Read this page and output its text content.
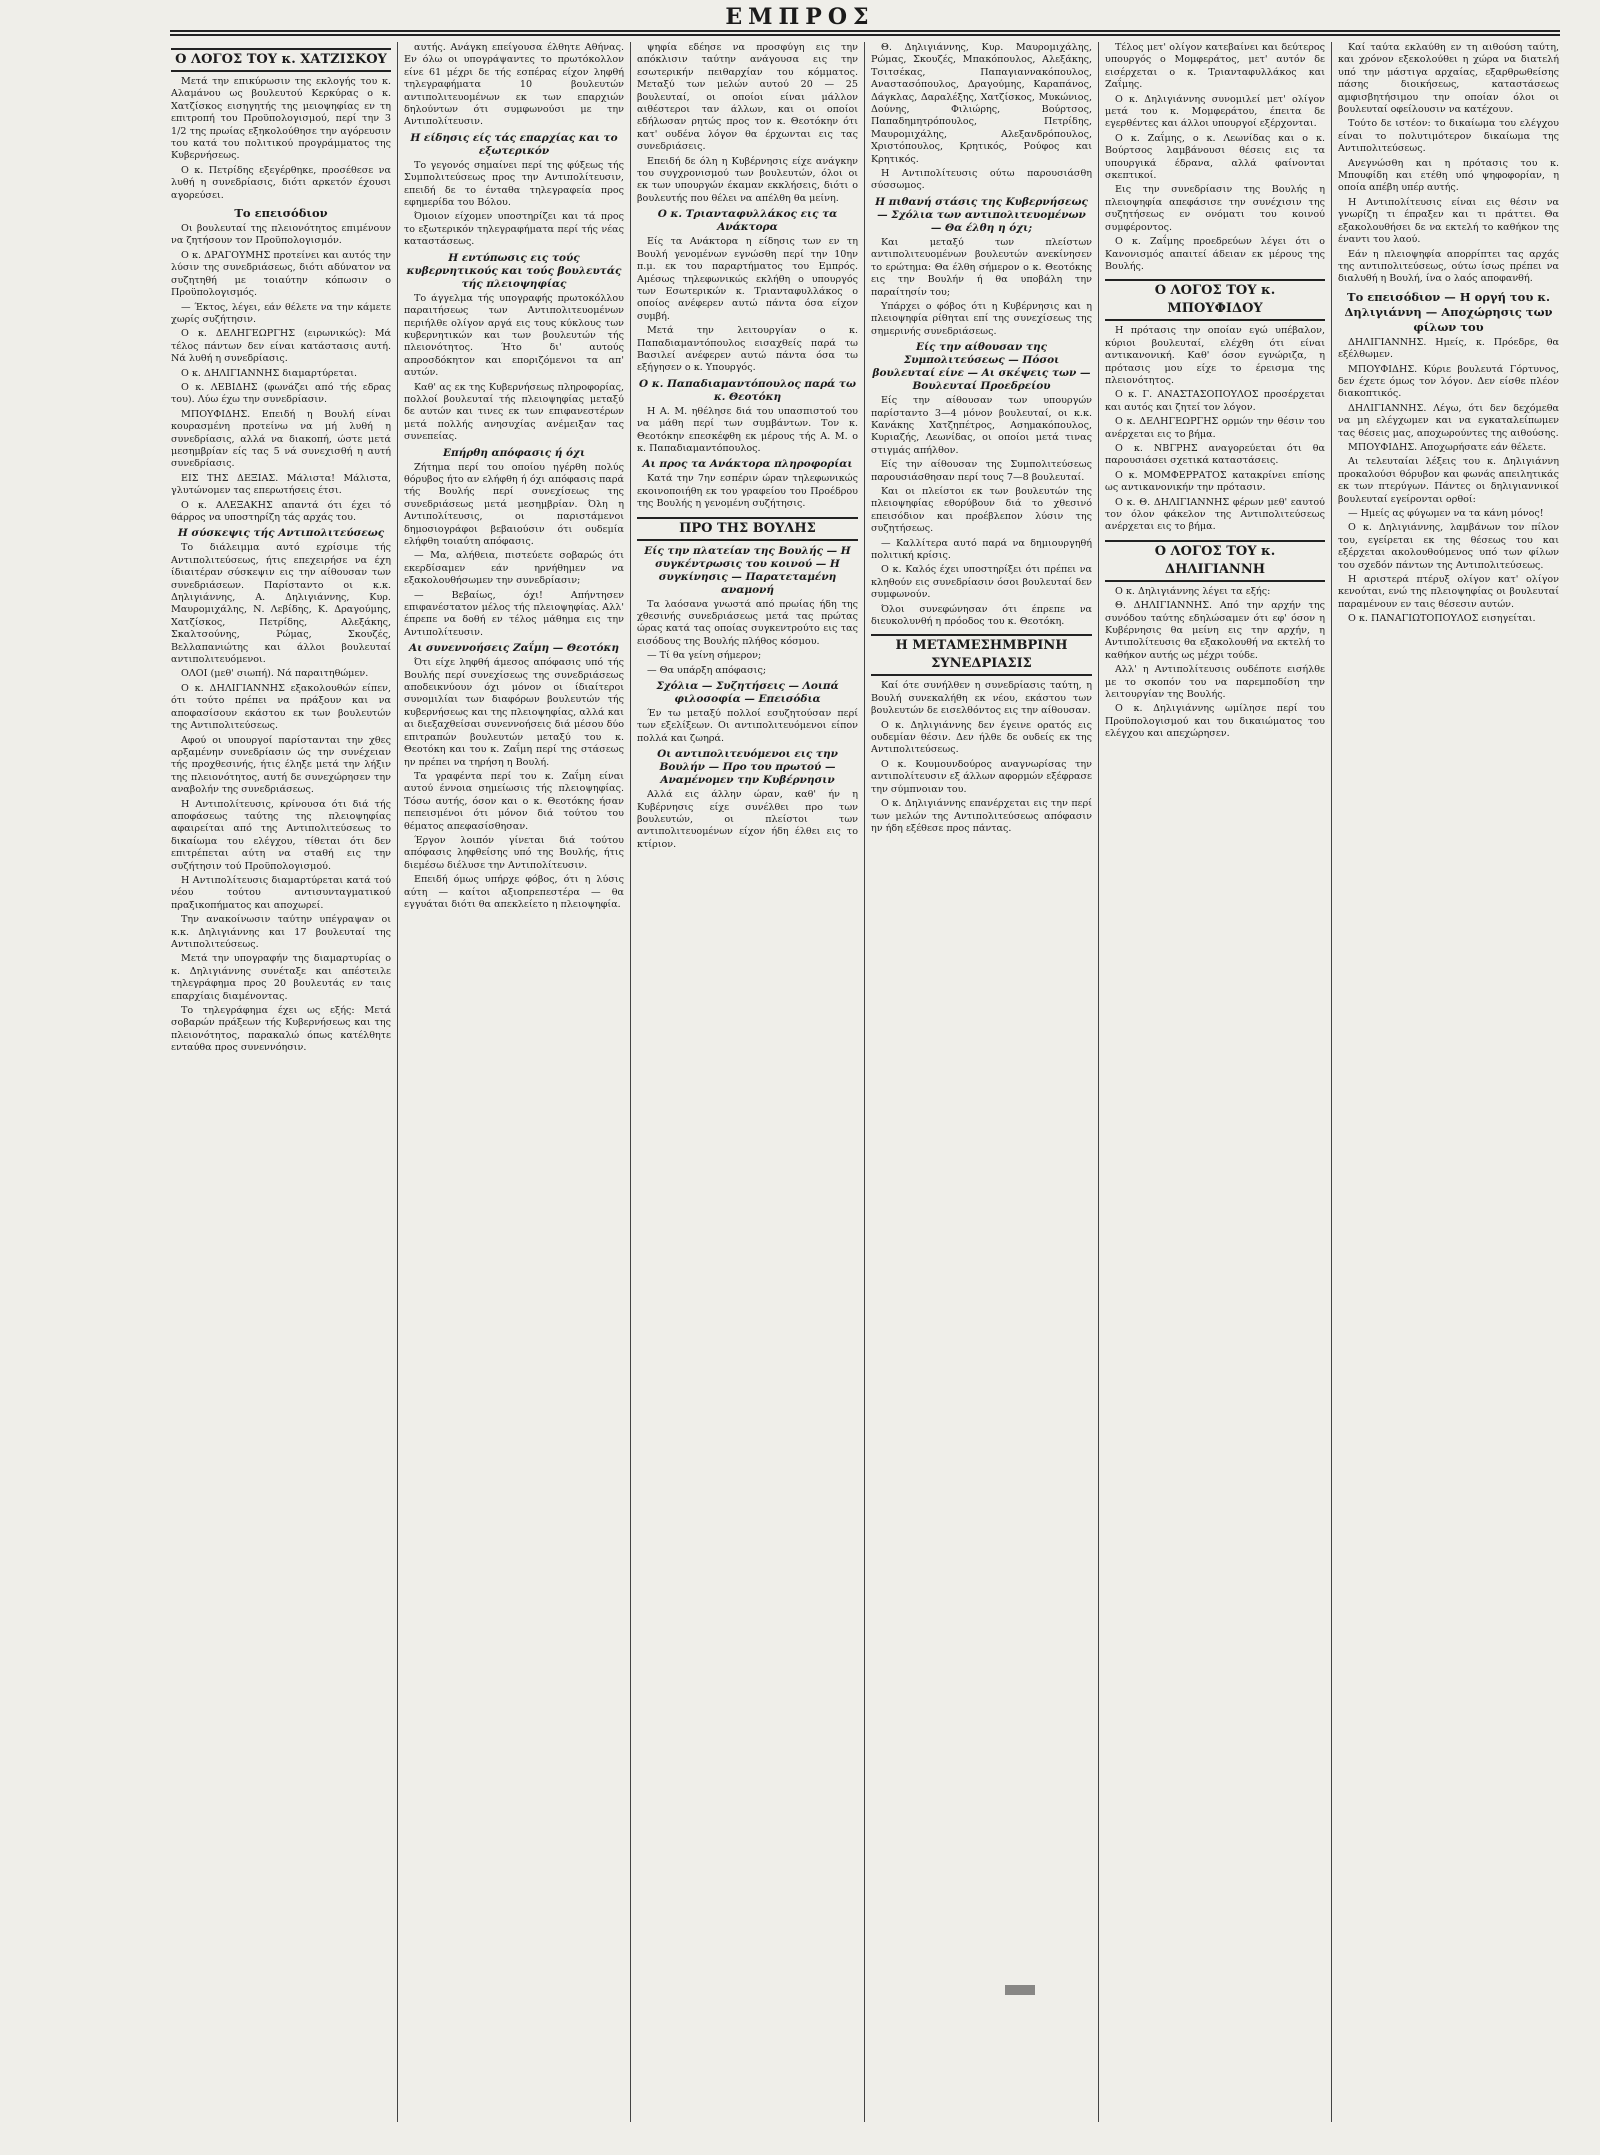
ΕΜΠΡΟΣ
Ο ΛΟΓΟΣ ΤΟΥ κ. ΧΑΤΖΙΣΚΟΥ

Μετά την επικύρωσιν της εκλογής του κ. Αλαμάνου ως βουλευτού Κερκύρας ο κ. Χατζίσκος εισηγητής της μειοψηφίας εν τη επιτροπή του Προϋπολογισμού, περί την 3 1/2 της πρωίας εξηκολούθησε την αγόρευσιν του κατά του πολιτικού προγράμματος της Κυβερνήσεως.

Ο κ. Πετρίδης εξεγέρθηκε, προσέθεσε να λυθή η συνεδρίασις, διότι αρκετόν έχουσι αγορεύσει.

Το επεισόδιον

Οι βουλευταί της πλειονότητος επιμένουν να ζητήσουν τον Προϋπολογισμόν.

Ο κ. ΔΡΑΓΟΥΜΗΣ προτείνει και αυτός την λύσιν της συνεδριάσεως, διότι αδύνατον να συζητηθή με τοιαύτην κόπωσιν ο Προϋπολογισμός.

— Έκτος, λέγει, εάν θέλετε να την κάμετε χωρίς συζήτησιν.

Ο κ. ΔΕΛΗΓΕΩΡΓΗΣ (ειρωνικώς): Μά τέλος πάντων δεν είναι κατάστασις αυτή. Νά λυθή η συνεδρίασις.

Ο κ. ΔΗΛΙΓΙΑΝΝΗΣ διαμαρτύρεται.

Ο κ. ΛΕΒΙΔΗΣ (φωνάζει από τής εδρας του). Λύω έχω την συνεδρίασιν.

ΜΠΟΥΦΙΔΗΣ. Επειδή η Βουλή είναι κουρασμένη προτείνω να μή λυθή η συνεδρίασις, αλλά να διακοπή, ώστε μετά μεσημβρίαν είς τας 5 νά συνεχισθή η αυτή συνεδρίασις.

ΕΙΣ ΤΗΣ ΔΕΞΙΑΣ. Μάλιστα! Μάλιστα, γλυτώνομεν τας επερωτήσεις έτσι.

Ο κ. ΑΛΕΞΑΚΗΣ απαντά ότι έχει τό θάρρος να υποστηρίζη τάς αρχάς του.

Η σύσκεψις τής Αντιπολιτεύσεως

Το διάλειμμα αυτό εχρίσιμε τής Αντιπολιτεύσεως, ήτις επεχειρήσε να έχη ίδιαιτέραν σύσκεψιν εις την αίθουσαν των συνεδριάσεων. Παρίσταντο οι κ.κ. Δηλιγιάννης, Α. Δηλιγιάννης, Κυρ. Μαυρομιχάλης, Ν. Λεβίδης, Κ. Δραγούμης, Χατζίσκος, Πετρίδης, Αλεξάκης, Σκαλτσούνης, Ρώμας, Σκουζές, Βελλαπανιώτης και άλλοι βουλευταί αντιπολιτευόμενοι.

ΟΛΟΙ (μεθ' σιωπή). Νά παραιτηθώμεν.

Ο κ. ΔΗΛΙΓΙΑΝΝΗΣ εξακολουθών είπεν, ότι τούτο πρέπει να πράξουν και να αποφασίσουν εκάστου εκ των βουλευτών της Αντιπολιτεύσεως.

Αφού οι υπουργοί παρίστανται την χθες αρξαμένην συνεδρίασιν ώς την συνέχειαν τής προχθεσινής, ήτις έληξε μετά την λήξιν της πλειονότητος, αυτή δε συνεχώρησεν την αναβολήν της συνεδριάσεως.

Η Αντιπολίτευσις, κρίνουσα ότι διά τής αποφάσεως ταύτης της πλειοψηφίας αφαιρείται από της Αντιπολιτεύσεως το δικαίωμα του ελέγχου, τίθεται ότι δεν επιτρέπεται αύτη να σταθή εις την συζήτησιν τού Προϋπολογισμού.

Η Αντιπολίτευσις διαμαρτύρεται κατά τού νέου τούτου αντισυνταγματικού πραξικοπήματος και αποχωρεί.

Την ανακοίνωσιν ταύτην υπέγραψαν οι κ.κ. Δηλιγιάννης και 17 βουλευταί της Αντιπολιτεύσεως.

Μετά την υπογραφήν της διαμαρτυρίας ο κ. Δηλιγιάννης συνέταξε και απέστειλε τηλεγράφημα προς 20 βουλευτάς εν ταις επαρχίαις διαμένοντας.

Το τηλεγράφημα έχει ως εξής: Μετά σοβαρών πράξεων τής Κυβερνήσεως και της πλειονότητος, παρακαλώ όπως κατέλθητε ενταύθα προς συνεννόησιν.

αυτής. Ανάγκη επείγουσα έλθητε Αθήνας. Εν όλω οι υπογράψαντες το πρωτόκολλον είνε 61 μέχρι δε τής εσπέρας είχον ληφθή τηλεγραφήματα 10 βουλευτών αντιπολιτευομένων εκ των επαρχιών δηλούντων ότι συμφωνούσι με την Αντιπολίτευσιν.

Η είδησις είς τάς επαρχίας και το εξωτερικόν

Το γεγονός σημαίνει περί της φύξεως τής Συμπολιτεύσεως προς την Αντιπολίτευσιν, επειδή δε το ένταθα τηλεγραφεία προς εφημερίδα του Βόλου.

Όμοιον είχομεν υποστηρίζει και τά προς το εξωτερικόν τηλεγραφήματα περί τής νέας καταστάσεως.

Η εντύπωσις εις τούς κυβερνητικούς και τούς βουλευτάς τής πλειοψηφίας

Το άγγελμα τής υπογραφής πρωτοκόλλου παραιτήσεως των Αντιπολιτευομένων περιήλθε ολίγον αργά εις τους κύκλους των κυβερνητικών και των βουλευτών τής πλειονότητος. Ήτο δι' αυτούς απροσδόκητον και εποριζόμενοι τα απ' αυτών.

Καθ' ας εκ της Κυβερνήσεως πληροφορίας, πολλοί βουλευταί τής πλειοψηφίας μεταξύ δε αυτών και τινες εκ των επιφανεστέρων μετά πολλής ανησυχίας ανέμειξαν τας συνεπείας.

Επήρθη απόφασις ή όχι

Ζήτημα περί του οποίου ηγέρθη πολύς θόρυβος ήτο αν ελήφθη ή όχι απόφασις παρά τής Βουλής περί συνεχίσεως της συνεδριάσεως μετά μεσημβρίαν. Όλη η Αντιπολίτευσις, οι παριστάμενοι δημοσιογράφοι βεβαιούσιν ότι ουδεμία ελήφθη τοιαύτη απόφασις.

— Μα, αλήθεια, πιστεύετε σοβαρώς ότι εκερδίσαμεν εάν ηρνήθημεν να εξακολουθήσωμεν την συνεδρίασιν;

— Βεβαίως, όχι! Απήντησεν επιφανέστατον μέλος τής πλειοψηφίας. Αλλ' έπρεπε να δοθή εν τέλος μάθημα εις την Αντιπολίτευσιν.

Αι συνεννοήσεις Ζαΐμη — Θεοτόκη

Ότι είχε ληφθή άμεσος απόφασις υπό τής Βουλής περί συνεχίσεως της συνεδριάσεως αποδεικνύουν όχι μόνον οι ίδιαίτεροι συνομιλίαι των διαφόρων βουλευτών τής κυβερνήσεως και της πλειοψηφίας, αλλά και αι διεξαχθείσαι συνεννοήσεις διά μέσου δύο επιτραπών βουλευτών μεταξύ του κ. Θεοτόκη και του κ. Ζαΐμη περί της στάσεως ην πρέπει να τηρήση η Βουλή.

Τα γραφέντα περί του κ. Ζαΐμη είναι αυτού έννοια σημείωσις τής πλειοψηφίας. Τόσω αυτής, όσον και ο κ. Θεοτόκης ήσαν πεπεισμένοι ότι μόνον διά τούτου του θέματος απεφασίσθησαν.

Έργον λοιπόν γίνεται διά τούτου απόφασις ληφθείσης υπό της Βουλής, ήτις διεμέσω διέλυσε την Αντιπολίτευσιν.

Επειδή όμως υπήρχε φόβος, ότι η λύσις αύτη — καίτοι αξιοπρεπεστέρα — θα εγγυάται διότι θα απεκλείετο η πλειοψηφία.

ψηφία εδέησε να προσφύγη εις την απόκλισιν ταύτην ανάγουσα εις την εσωτερικήν πειθαρχίαν του κόμματος. Μεταξύ των μελών αυτού 20 — 25 βουλευταί, οι οποίοι είναι μάλλον αιθέστεροι ταν άλλων, και οι οποίοι εδήλωσαν ρητώς προς τον κ. Θεοτόκην ότι κατ' ουδένα λόγον θα έρχωνται εις τας συνεδριάσεις.

Επειδή δε όλη η Κυβέρνησις είχε ανάγκην του συγχρονισμού των βουλευτών, όλοι οι εκ των υπουργών έκαμαν εκκλήσεις, διότι ο βουλευτής που θέλει να απέλθη θα μείνη.

Ο κ. Τριανταφυλλάκος εις τα Ανάκτορα

Είς τα Ανάκτορα η είδησις των εν τη Βουλή γενομένων εγνώσθη περί την 10ην π.μ. εκ του παραρτήματος του Εμπρός. Αμέσως τηλεφωνικώς εκλήθη ο υπουργός των Εσωτερικών κ. Τριανταφυλλάκος ο οποίος ανέφερεν αυτώ πάντα όσα είχον συμβή.

Μετά την λειτουργίαν ο κ. Παπαδιαμαντόπουλος εισαχθείς παρά τω Βασιλεί ανέφερεν αυτώ πάντα όσα τω εξήγησεν ο κ. Υπουργός.

Ο κ. Παπαδιαμαντόπουλος παρά τω κ. Θεοτόκη

Η Α. Μ. ηθέλησε διά του υπασπιστού του να μάθη περί των συμβάντων. Τον κ. Θεοτόκην επεσκέφθη εκ μέρους τής Α. Μ. ο κ. Παπαδιαμαντόπουλος.

Αι προς τα Ανάκτορα πληροφορίαι

Κατά την 7ην εσπέριν ώραν τηλεφωνικώς εκοινοποιήθη εκ του γραφείου του Προέδρου της Βουλής η γενομένη συζήτησις.

ΠΡΟ ΤΗΣ ΒΟΥΛΗΣ
Είς την πλατείαν της Βουλής — Η συγκέντρωσις του κοινού — Η συγκίνησις — Παρατεταμένη αναμονή

Τα λαόσανα γνωστά από πρωίας ήδη της χθεσινής συνεδριάσεως μετά τας πρώτας ώρας κατά τας οποίας συγκεντρούτο εις τας εισόδους της Βουλής πλήθος κόσμου.

— Τί θα γείνη σήμερον;

— Θα υπάρξη απόφασις;

Σχόλια — Συζητήσεις — Λοιπά φιλοσοφία — Επεισόδια

Έν τω μεταξύ πολλοί εσυζητούσαν περί των εξελίξεων. Οι αντιπολιτευόμενοι είπον πολλά και ζωηρά.

Οι αντιπολιτευόμενοι εις την Βουλήν — Προ του πρωτού — Αναμένομεν την Κυβέρνησιν

Αλλά εις άλλην ώραν, καθ' ήν η Κυβέρνησις είχε συνέλθει προ των βουλευτών, οι πλείστοι των αντιπολιτευομένων είχον ήδη έλθει εις το κτίριον.

Θ. Δηλιγιάννης, Κυρ. Μαυρομιχάλης, Ρώμας, Σκουζές, Μπακόπουλος, Αλεξάκης, Τσιτσέκας, Παπαγιαννακόπουλος, Αναστασόπουλος, Δραγούμης, Καραπάνος, Δάγκλας, Δαραλέξης, Χατζίσκος, Μυκώνιος, Δούνης, Φιλιώρης, Βούρτσος, Παπαδημητρόπουλος, Πετρίδης, Μαυρομιχάλης, Αλεξανδρόπουλος, Χριστόπουλος, Κρητικός, Ρούφος και Κρητικός.

Η Αντιπολίτευσις ούτω παρουσιάσθη σύσσωμος.

Η πιθανή στάσις της Κυβερνήσεως — Σχόλια των αντιπολιτευομένων — Θα έλθη η όχι;

Και μεταξύ των πλείστων αντιπολιτευομένων βουλευτών ανεκίνησεν το ερώτημα: Θα έλθη σήμερον ο κ. Θεοτόκης εις την Βουλήν ή θα υποβάλη την παραίτησίν του;

Υπάρχει ο φόβος ότι η Κυβέρνησις και η πλειοψηφία ρίθηται επί της συνεχίσεως της σημερινής συνεδριάσεως.

Είς την αίθουσαν της Συμπολιτεύσεως — Πόσοι βουλευταί είνε — Αι σκέψεις των — Βουλευταί Προεδρείου

Είς την αίθουσαν των υπουργών παρίσταντο 3—4 μόνον βουλευταί, οι κ.κ. Κανάκης Χατζηπέτρος, Ασημακόπουλος, Κυριαζής, Λεωνίδας, οι οποίοι μετά τινας στιγμάς απήλθον.

Είς την αίθουσαν της Συμπολιτεύσεως παρουσιάσθησαν περί τους 7—8 βουλευταί.

Και οι πλείστοι εκ των βουλευτών της πλειοψηφίας εθορύβουν διά το χθεσινό επεισόδιον και προέβλεπον λύσιν της συζητήσεως.

— Καλλίτερα αυτό παρά να δημιουργηθή πολιτική κρίσις.

Ο κ. Καλός έχει υποστηρίξει ότι πρέπει να κληθούν εις συνεδρίασιν όσοι βουλευταί δεν συμφωνούν.

Όλοι συνεφώνησαν ότι έπρεπε να διευκολυνθή η πρόοδος του κ. Θεοτόκη.

Η ΜΕΤΑΜΕΣΗΜΒΡΙΝΗ ΣΥΝΕΔΡΙΑΣΙΣ

Καί ότε συνήλθεν η συνεδρίασις ταύτη, η Βουλή συνεκαλήθη εκ νέου, εκάστου των βουλευτών δε εισελθόντος εις την αίθουσαν.

Ο κ. Δηλιγιάννης δεν έγεινε ορατός εις ουδεμίαν θέσιν. Δεν ήλθε δε ουδείς εκ της Αντιπολιτεύσεως.

Ο κ. Κουμουνδούρος αναγνωρίσας την αντιπολίτευσιν εξ άλλων αφορμών εξέφρασε την σύμπνοιαν του.

Ο κ. Δηλιγιάννης επανέρχεται εις την περί των μελών της Αντιπολιτεύσεως απόφασιν ην ήδη εξέθεσε προς πάντας.

Τέλος μετ' ολίγον κατεβαίνει και δεύτερος υπουργός ο Μομφεράτος, μετ' αυτόν δε εισέρχεται ο κ. Τριανταφυλλάκος και Ζαΐμης.

Ο κ. Δηλιγιάννης συνομιλεί μετ' ολίγον μετά του κ. Μομφεράτου, έπειτα δε εγερθέντες και άλλοι υπουργοί εξέρχονται.

Ο κ. Ζαΐμης, ο κ. Λεωνίδας και ο κ. Βούρτσος λαμβάνουσι θέσεις εις τα υπουργικά έδρανα, αλλά φαίνονται σκεπτικοί.

Εις την συνεδρίασιν της Βουλής η πλειοψηφία απεφάσισε την συνέχισιν της συζητήσεως εν ονόματι του κοινού συμφέροντος.

Ο κ. Ζαΐμης προεδρεύων λέγει ότι ο Κανονισμός απαιτεί άδειαν εκ μέρους της Βουλής.

Ο ΛΟΓΟΣ ΤΟΥ κ. ΜΠΟΥΦΙΔΟΥ

Η πρότασις την οποίαν εγώ υπέβαλον, κύριοι βουλευταί, ελέχθη ότι είναι αντικανονική. Καθ' όσον εγνώριζα, η πρότασις μου είχε το έρεισμα της πλειονότητος.

Ο κ. Γ. ΑΝΑΣΤΑΣΟΠΟΥΛΟΣ προσέρχεται και αυτός και ζητεί τον λόγον.

Ο κ. ΔΕΛΗΓΕΩΡΓΗΣ ορμών την θέσιν του ανέρχεται εις το βήμα.

Ο κ. ΝΒΓΡΗΣ αναγορεύεται ότι θα παρουσιάσει σχετικά καταστάσεις.

Ο κ. ΜΟΜΦΕΡΡΑΤΟΣ κατακρίνει επίσης ως αντικανονικήν την πρότασιν.

Ο κ. Θ. ΔΗΛΙΓΙΑΝΝΗΣ φέρων μεθ' εαυτού τον όλον φάκελον της Αντιπολιτεύσεως ανέρχεται εις το βήμα.

Ο ΛΟΓΟΣ ΤΟΥ κ. ΔΗΛΙΓΙΑΝΝΗ

Ο κ. Δηλιγιάννης λέγει τα εξής:

Θ. ΔΗΛΙΓΙΑΝΝΗΣ. Από την αρχήν της συνόδου ταύτης εδηλώσαμεν ότι εφ' όσον η Κυβέρνησις θα μείνη εις την αρχήν, η Αντιπολίτευσις θα εξακολουθή να εκτελή το καθήκον αυτής ως μέχρι τούδε.

Αλλ' η Αντιπολίτευσις ουδέποτε εισήλθε με το σκοπόν του να παρεμποδίση την λειτουργίαν της Βουλής.

Ο κ. Δηλιγιάννης ωμίλησε περί του Προϋπολογισμού και του δικαιώματος του ελέγχου και απεχώρησεν.

Καί ταύτα εκλαύθη εν τη αιθούση ταύτη, και χρόνον εξεκολούθει η χώρα να διατελή υπό την μάστιγα αρχαίας, εξαρθρωθείσης πάσης διοικήσεως, καταστάσεως αμφισβητήσιμου την οποίαν όλοι οι βουλευταί οφείλουσιν να κατέχουν.

Τούτο δε ιστέον: το δικαίωμα του ελέγχου είναι το πολυτιμότερον δικαίωμα της Αντιπολιτεύσεως.

Ανεγνώσθη και η πρότασις του κ. Μπουφίδη και ετέθη υπό ψηφοφορίαν, η οποία απέβη υπέρ αυτής.

Η Αντιπολίτευσις είναι εις θέσιν να γνωρίζη τι έπραξεν και τι πράττει. Θα εξακολουθήσει δε να εκτελή το καθήκον της έναντι του λαού.

Εάν η πλειοψηφία απορρίπτει τας αρχάς της αντιπολιτεύσεως, ούτω ίσως πρέπει να διαλυθή η Βουλή, ίνα ο λαός αποφανθή.

Το επεισόδιον — Η οργή του κ. Δηλιγιάννη — Αποχώρησις των φίλων του

ΔΗΛΙΓΙΑΝΝΗΣ. Ημείς, κ. Πρόεδρε, θα εξέλθωμεν.

ΜΠΟΥΦΙΔΗΣ. Κύριε βουλευτά Γόρτυνος, δεν έχετε όμως τον λόγον. Δεν είσθε πλέον διακοπτικός.

ΔΗΛΙΓΙΑΝΝΗΣ. Λέγω, ότι δεν δεχόμεθα να μη ελέγχωμεν και να εγκαταλείπωμεν τας θέσεις μας, αποχωρούντες της αιθούσης.

ΜΠΟΥΦΙΔΗΣ. Αποχωρήσατε εάν θέλετε.

Αι τελευταίαι λέξεις του κ. Δηλιγιάννη προκαλούσι θόρυβον και φωνάς απειλητικάς εκ των πτερύγων. Πάντες οι δηλιγιαννικοί βουλευταί εγείρονται ορθοί:

— Ημείς ας φύγωμεν να τα κάνη μόνος!

Ο κ. Δηλιγιάννης, λαμβάνων τον πίλον του, εγείρεται εκ της θέσεως του και εξέρχεται ακολουθούμενος υπό των φίλων του σχεδόν πάντων της Αντιπολιτεύσεως.

Η αριστερά πτέρυξ ολίγον κατ' ολίγον κενούται, ενώ της πλειοψηφίας οι βουλευταί παραμένουν εν ταις θέσεσιν αυτών.

Ο κ. ΠΑΝΑΓΙΩΤΟΠΟΥΛΟΣ εισηγείται.
